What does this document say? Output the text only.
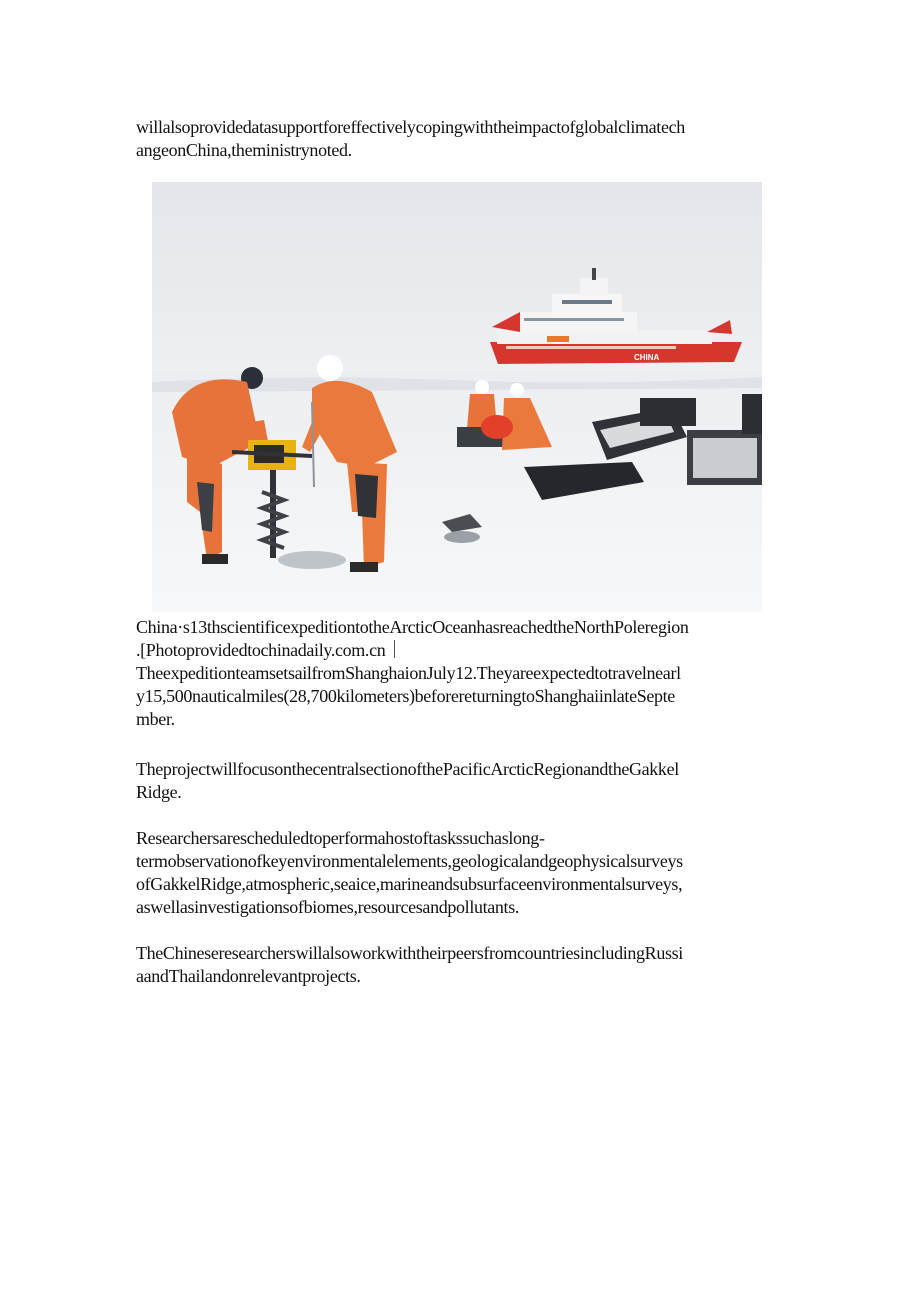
willalsoprovidedatasupportforeffectivelycopingwiththeimpactofglobalclimatech
angeonChina,theministrynoted.
CHINA
China·s13thscientificexpeditiontotheArcticOceanhasreachedtheNorthPoleregion
.[Photoprovidedtochinadaily.com.cn｜
TheexpeditionteamsetsailfromShanghaionJuly12.Theyareexpectedtotravelnearl
y15,500nauticalmiles(28,700kilometers)beforereturningtoShanghaiinlateSepte
mber.
TheprojectwillfocusonthecentralsectionofthePacificArcticRegionandtheGakkel
Ridge.
Researchersarescheduledtoperformahostoftaskssuchaslong-
termobservationofkeyenvironmentalelements,geologicalandgeophysicalsurveys
ofGakkelRidge,atmospheric,seaice,marineandsubsurfaceenvironmentalsurveys,
aswellasinvestigationsofbiomes,resourcesandpollutants.
TheChineseresearcherswillalsoworkwiththeirpeersfromcountriesincludingRussi
aandThailandonrelevantprojects.
